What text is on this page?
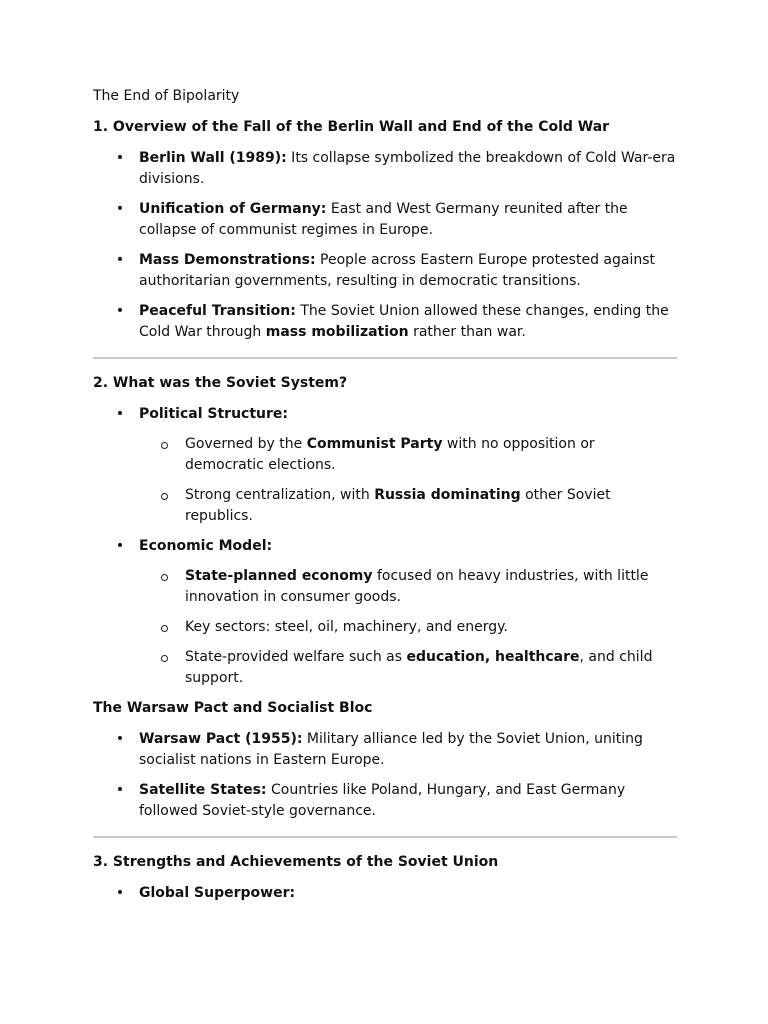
The End of Bipolarity

1. Overview of the Fall of the Berlin Wall and End of the Cold War

• Berlin Wall (1989): Its collapse symbolized the breakdown of Cold War-era divisions.
• Unification of Germany: East and West Germany reunited after the collapse of communist regimes in Europe.
• Mass Demonstrations: People across Eastern Europe protested against authoritarian governments, resulting in democratic transitions.
• Peaceful Transition: The Soviet Union allowed these changes, ending the Cold War through mass mobilization rather than war.

2. What was the Soviet System?

• Political Structure:
Governed by the Communist Party with no opposition or democratic elections.
Strong centralization, with Russia dominating other Soviet republics.
• Economic Model:
State-planned economy focused on heavy industries, with little innovation in consumer goods.
Key sectors: steel, oil, machinery, and energy.
State-provided welfare such as education, healthcare, and child support.

The Warsaw Pact and Socialist Bloc

• Warsaw Pact (1955): Military alliance led by the Soviet Union, uniting socialist nations in Eastern Europe.
• Satellite States: Countries like Poland, Hungary, and East Germany followed Soviet-style governance.

3. Strengths and Achievements of the Soviet Union

• Global Superpower:
